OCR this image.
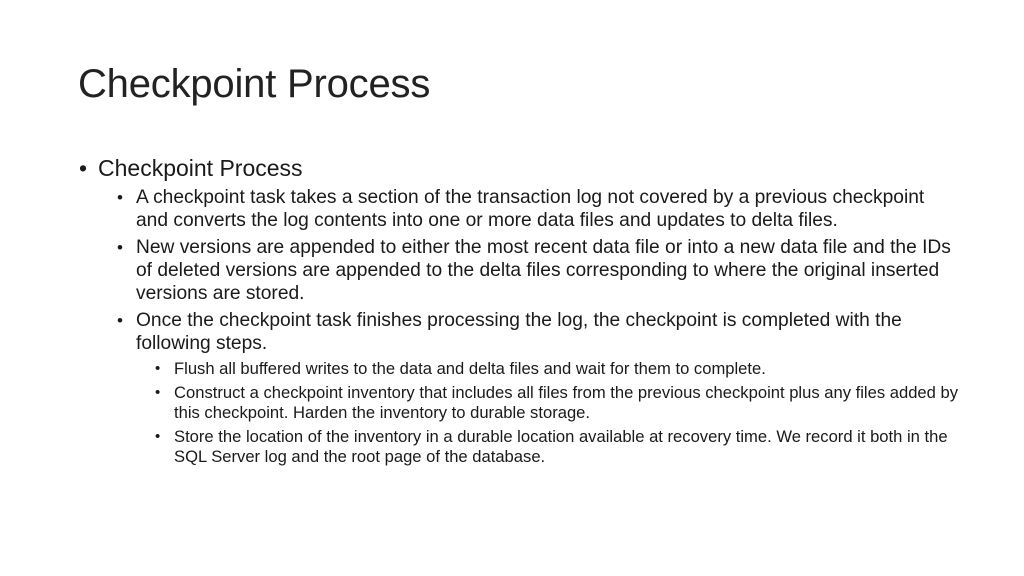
Checkpoint Process
• Checkpoint Process
• A checkpoint task takes a section of the transaction log not covered by a previous checkpoint and converts the log contents into one or more data files and updates to delta files.
• New versions are appended to either the most recent data file or into a new data file and the IDs of deleted versions are appended to the delta files corresponding to where the original inserted versions are stored.
• Once the checkpoint task finishes processing the log, the checkpoint is completed with the following steps.
• Flush all buffered writes to the data and delta files and wait for them to complete.
• Construct a checkpoint inventory that includes all files from the previous checkpoint plus any files added by this checkpoint. Harden the inventory to durable storage.
• Store the location of the inventory in a durable location available at recovery time. We record it both in the SQL Server log and the root page of the database.
